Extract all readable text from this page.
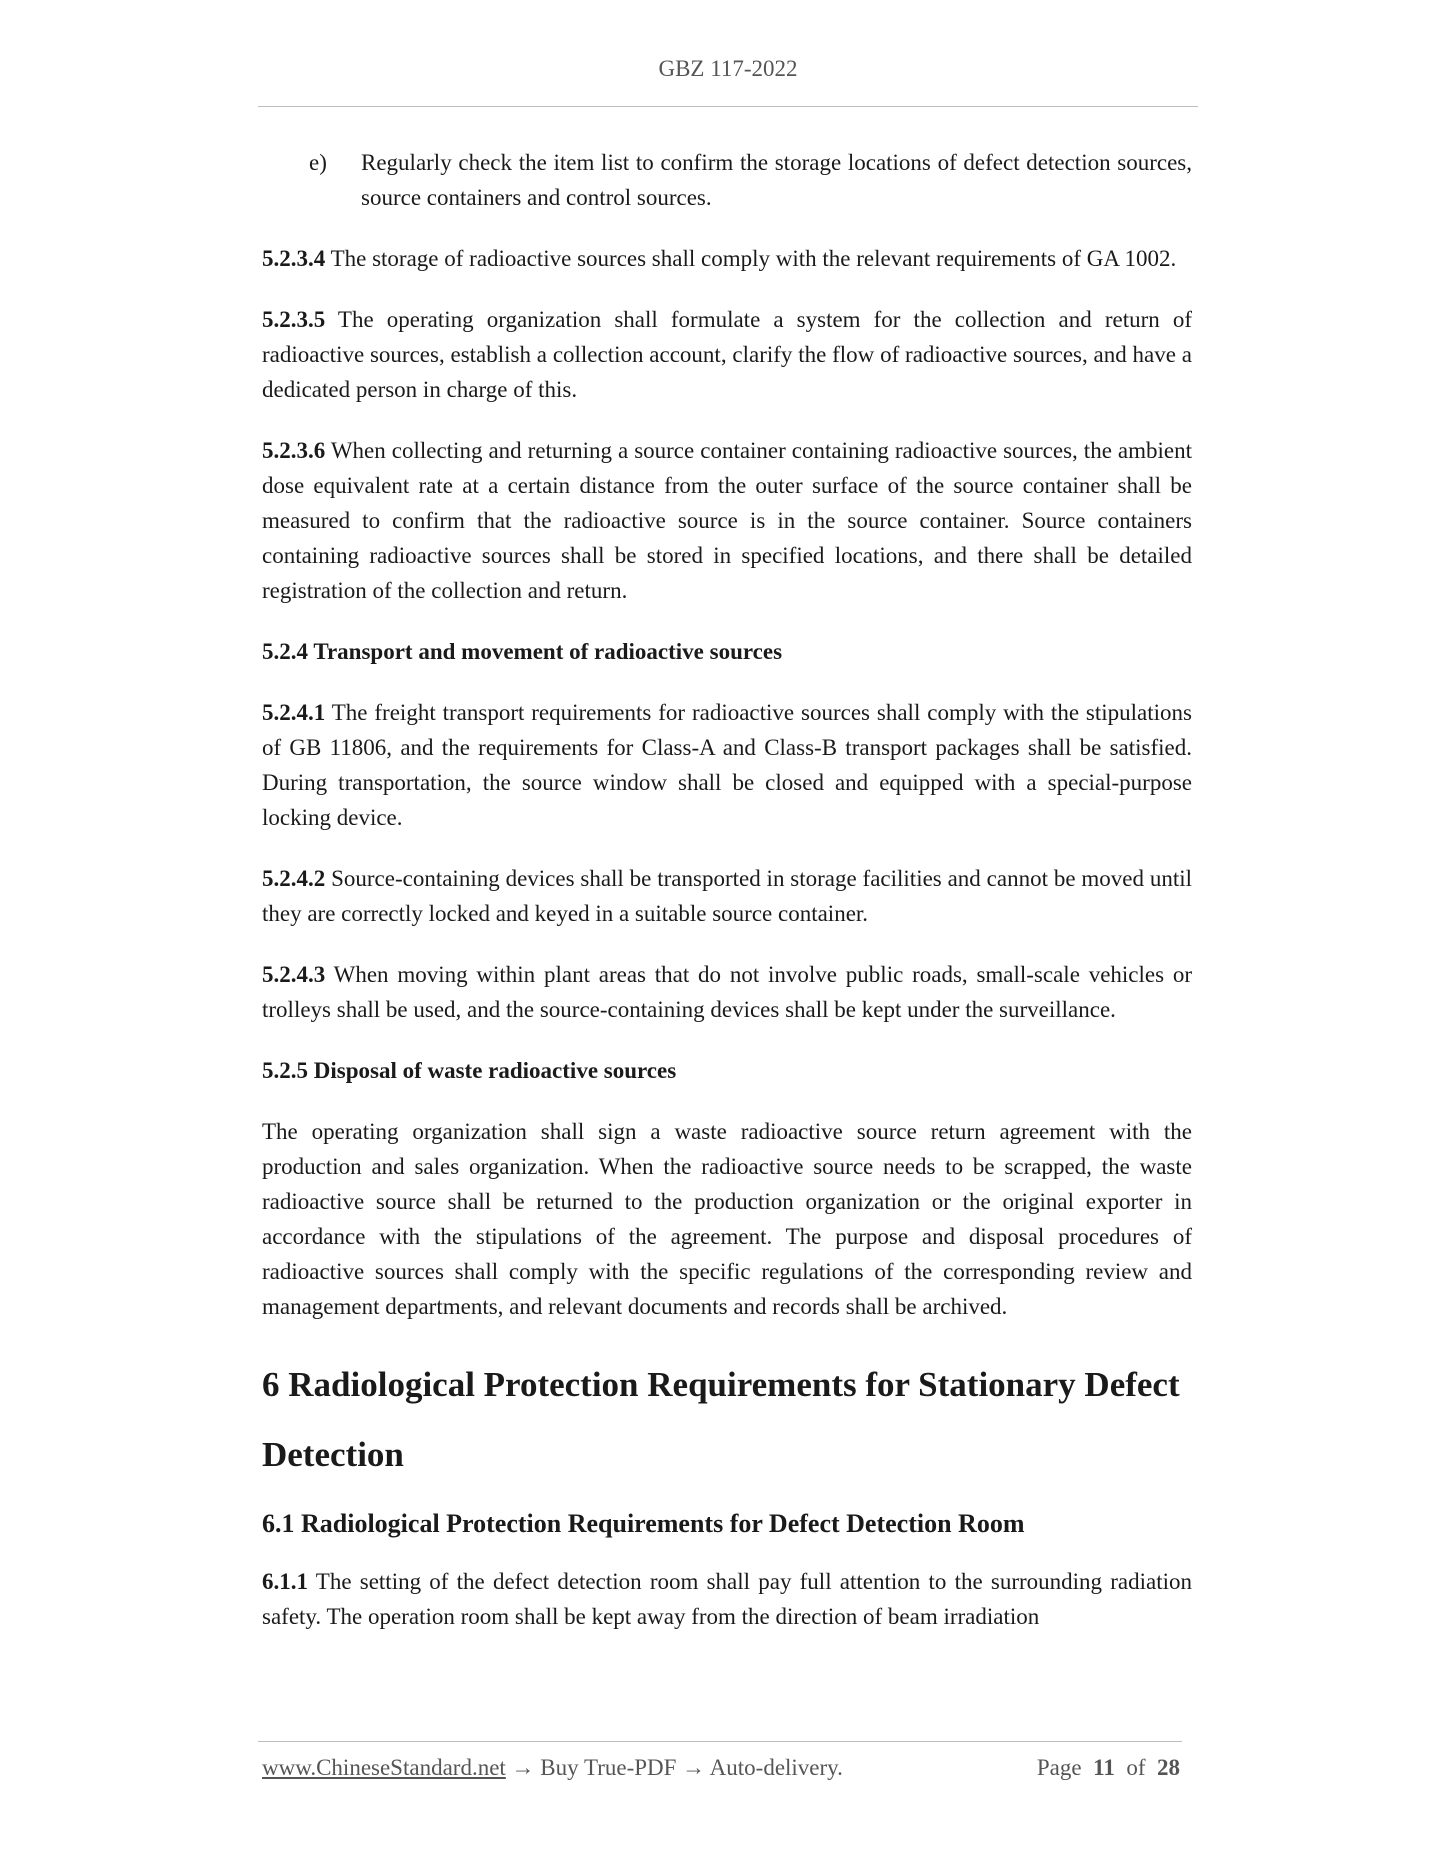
GBZ 117-2022
e)	Regularly check the item list to confirm the storage locations of defect detection sources, source containers and control sources.

5.2.3.4 The storage of radioactive sources shall comply with the relevant requirements of GA 1002.

5.2.3.5 The operating organization shall formulate a system for the collection and return of radioactive sources, establish a collection account, clarify the flow of radioactive sources, and have a dedicated person in charge of this.

5.2.3.6 When collecting and returning a source container containing radioactive sources, the ambient dose equivalent rate at a certain distance from the outer surface of the source container shall be measured to confirm that the radioactive source is in the source container. Source containers containing radioactive sources shall be stored in specified locations, and there shall be detailed registration of the collection and return.

5.2.4 Transport and movement of radioactive sources

5.2.4.1 The freight transport requirements for radioactive sources shall comply with the stipulations of GB 11806, and the requirements for Class-A and Class-B transport packages shall be satisfied. During transportation, the source window shall be closed and equipped with a special-purpose locking device.

5.2.4.2 Source-containing devices shall be transported in storage facilities and cannot be moved until they are correctly locked and keyed in a suitable source container.

5.2.4.3 When moving within plant areas that do not involve public roads, small-scale vehicles or trolleys shall be used, and the source-containing devices shall be kept under the surveillance.

5.2.5 Disposal of waste radioactive sources

The operating organization shall sign a waste radioactive source return agreement with the production and sales organization. When the radioactive source needs to be scrapped, the waste radioactive source shall be returned to the production organization or the original exporter in accordance with the stipulations of the agreement. The purpose and disposal procedures of radioactive sources shall comply with the specific regulations of the corresponding review and management departments, and relevant documents and records shall be archived.

6 Radiological Protection Requirements for Stationary Defect Detection
6.1 Radiological Protection Requirements for Defect Detection Room

6.1.1 The setting of the defect detection room shall pay full attention to the surrounding radiation safety. The operation room shall be kept away from the direction of beam irradiation

www.ChineseStandard.net → Buy True-PDF → Auto-delivery.	Page 11 of 28
